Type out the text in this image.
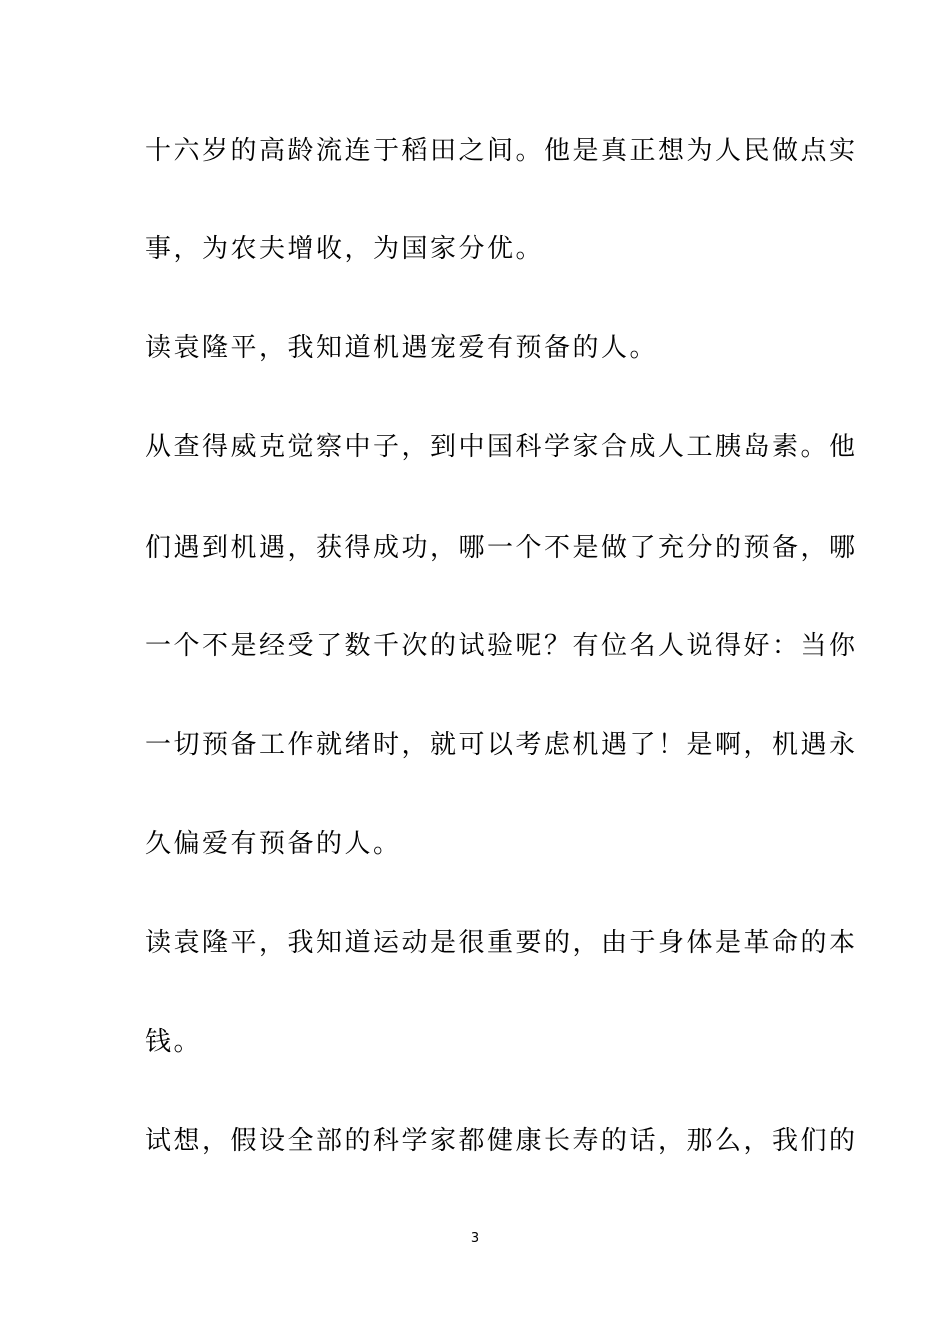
十六岁的高龄流连于稻田之间。他是真正想为人民做点实
事，为农夫增收，为国家分优。
读袁隆平，我知道机遇宠爱有预备的人。
从查得威克觉察中子，到中国科学家合成人工胰岛素。他
们遇到机遇，获得成功，哪一个不是做了充分的预备，哪
一个不是经受了数千次的试验呢？有位名人说得好：当你
一切预备工作就绪时，就可以考虑机遇了！是啊，机遇永
久偏爱有预备的人。
读袁隆平，我知道运动是很重要的，由于身体是革命的本
钱。
试想，假设全部的科学家都健康长寿的话，那么，我们的
3
